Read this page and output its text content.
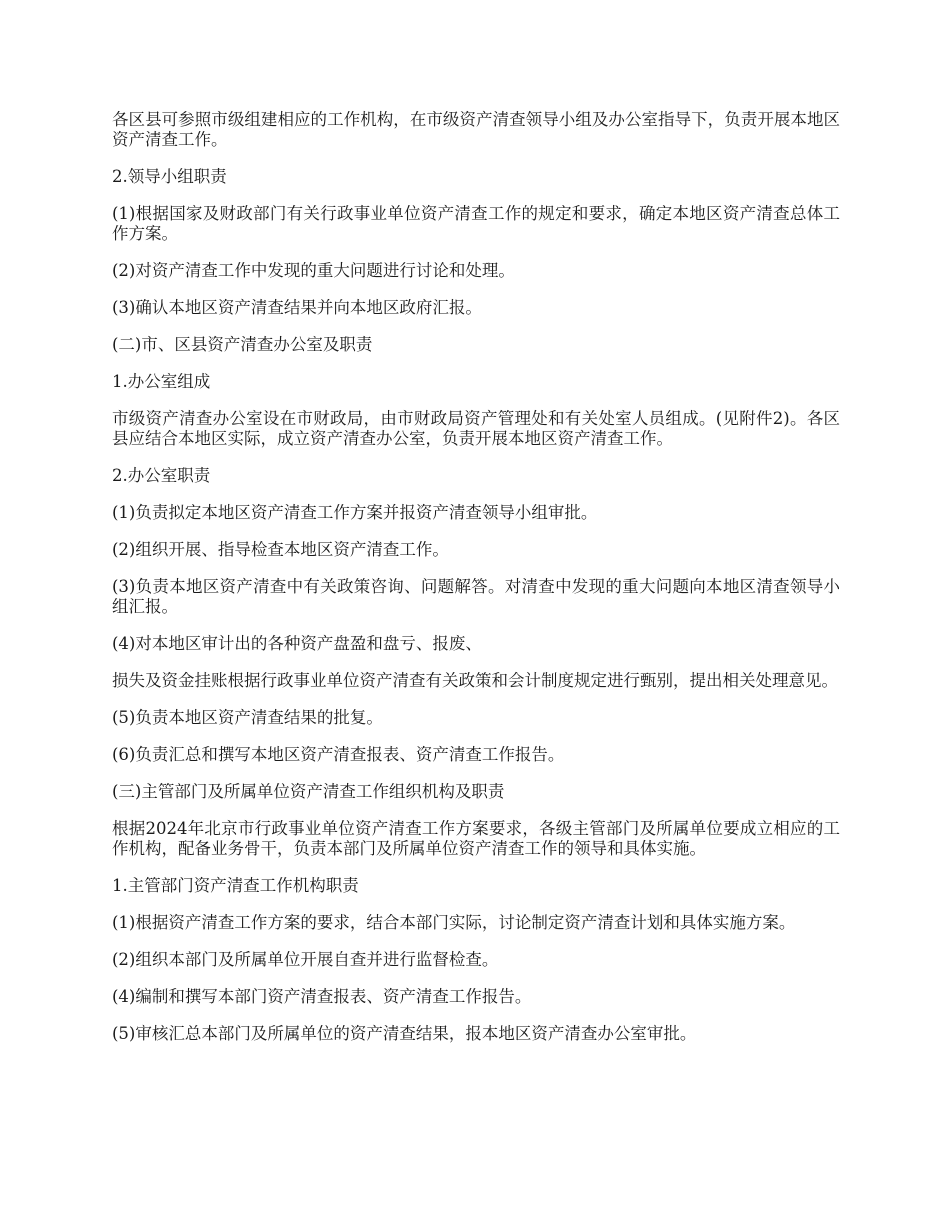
各区县可参照市级组建相应的工作机构，在市级资产清查领导小组及办公室指导下，负责开展本地区资产清查工作。

2.领导小组职责

(1)根据国家及财政部门有关行政事业单位资产清查工作的规定和要求，确定本地区资产清查总体工作方案。

(2)对资产清查工作中发现的重大问题进行讨论和处理。

(3)确认本地区资产清查结果并向本地区政府汇报。

(二)市、区县资产清查办公室及职责

1.办公室组成

市级资产清查办公室设在市财政局，由市财政局资产管理处和有关处室人员组成。(见附件2)。各区县应结合本地区实际，成立资产清查办公室，负责开展本地区资产清查工作。

2.办公室职责

(1)负责拟定本地区资产清查工作方案并报资产清查领导小组审批。

(2)组织开展、指导检查本地区资产清查工作。

(3)负责本地区资产清查中有关政策咨询、问题解答。对清查中发现的重大问题向本地区清查领导小组汇报。

(4)对本地区审计出的各种资产盘盈和盘亏、报废、

损失及资金挂账根据行政事业单位资产清查有关政策和会计制度规定进行甄别，提出相关处理意见。

(5)负责本地区资产清查结果的批复。

(6)负责汇总和撰写本地区资产清查报表、资产清查工作报告。

(三)主管部门及所属单位资产清查工作组织机构及职责

根据2024年北京市行政事业单位资产清查工作方案要求，各级主管部门及所属单位要成立相应的工作机构，配备业务骨干，负责本部门及所属单位资产清查工作的领导和具体实施。

1.主管部门资产清查工作机构职责

(1)根据资产清查工作方案的要求，结合本部门实际，讨论制定资产清查计划和具体实施方案。

(2)组织本部门及所属单位开展自查并进行监督检查。

(4)编制和撰写本部门资产清查报表、资产清查工作报告。

(5)审核汇总本部门及所属单位的资产清查结果，报本地区资产清查办公室审批。
